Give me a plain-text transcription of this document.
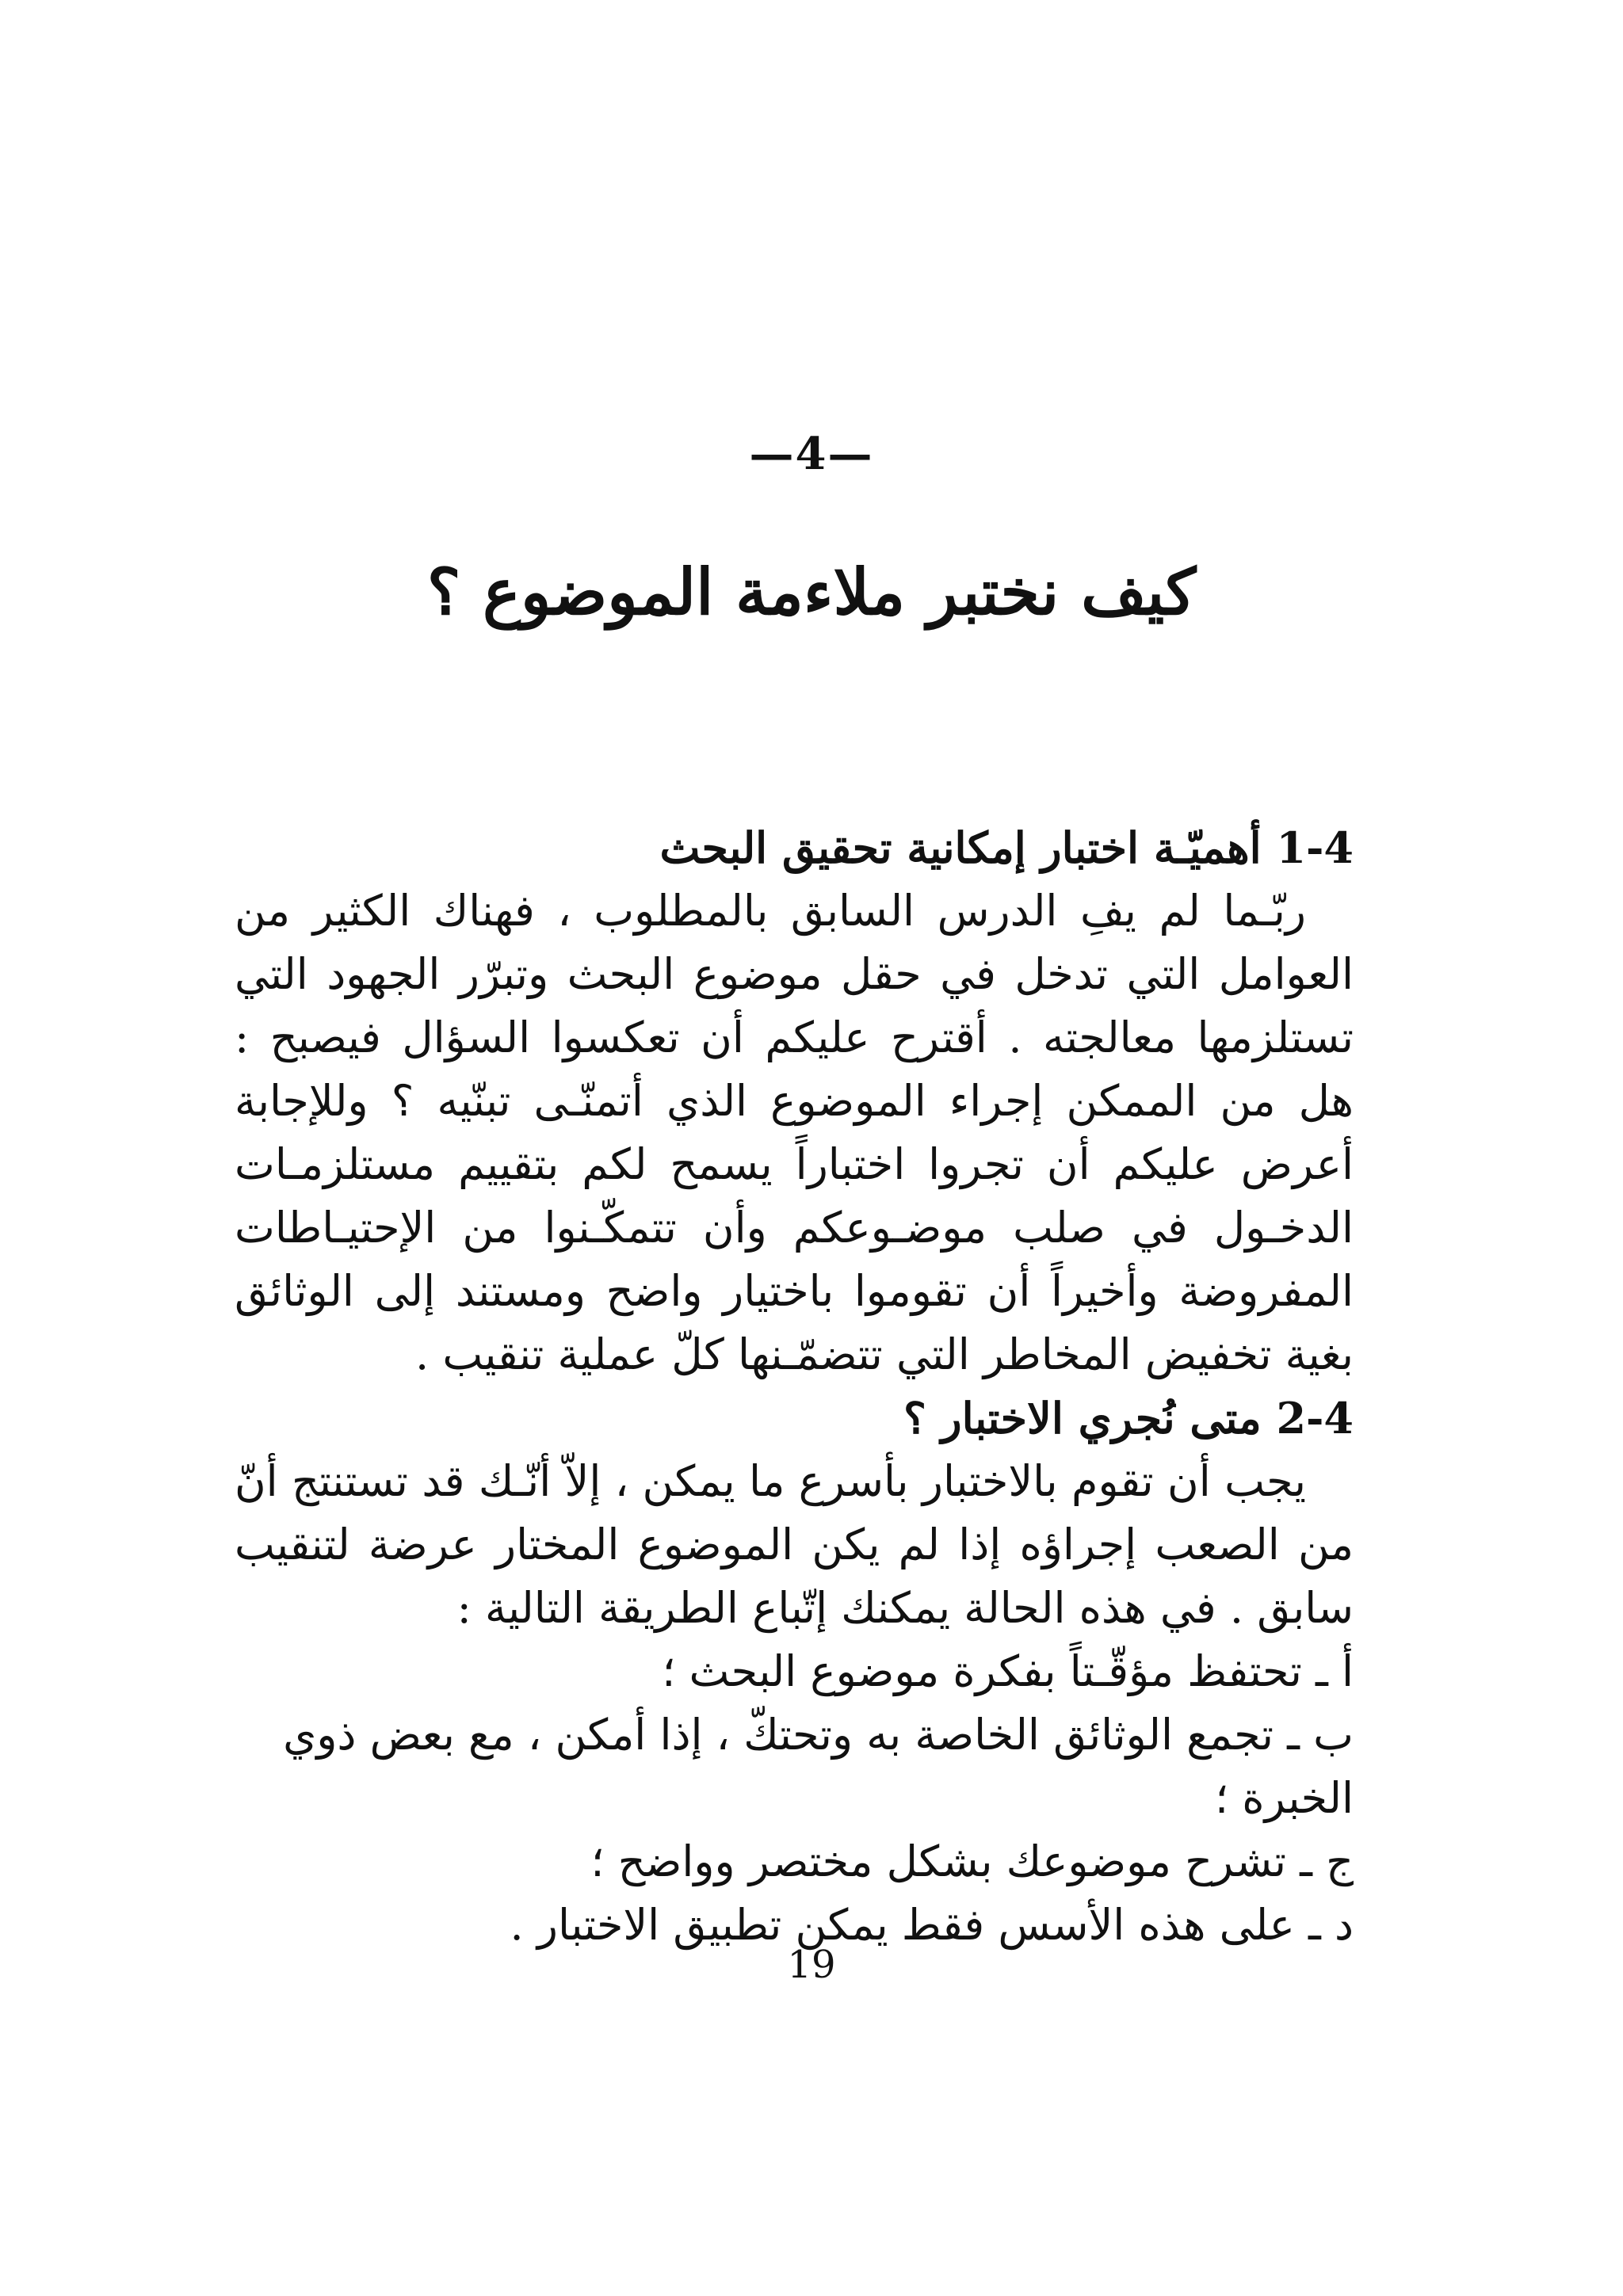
—4—
كيف نختبر ملاءمة الموضوع ؟

1-4 أهميّـة اختبار إمكانية تحقيق البحث

ربّـما لم يفِ الدرس السابق بالمطلوب ، فهناك الكثير من العوامل التي تدخل في حقل موضوع البحث وتبرّر الجهود التي تستلزمها معالجته . أقترح عليكم أن تعكسوا السؤال فيصبح : هل من الممكن إجراء الموضوع الذي أتمنّـى تبنّيه ؟ وللإجابة أعرض عليكم أن تجروا اختباراً يسمح لكم بتقييم مستلزمـات الدخـول في صلب موضـوعكم وأن تتمكّـنوا من الإحتيـاطات المفروضة وأخيراً أن تقوموا باختيار واضح ومستند إلى الوثائق بغية تخفيض المخاطر التي تتضمّـنها كلّ عملية تنقيب .

2-4 متى نُجري الاختبار ؟

يجب أن تقوم بالاختبار بأسرع ما يمكن ، إلاّ أنّـك قد تستنتج أنّ من الصعب إجراؤه إذا لم يكن الموضوع المختار عرضة لتنقيب سابق . في هذه الحالة يمكنك إتّباع الطريقة التالية :

أ ـ تحتفظ مؤقّـتاً بفكرة موضوع البحث ؛
ب ـ تجمع الوثائق الخاصة به وتحتكّ ، إذا أمكن ، مع بعض ذوي الخبرة ؛
ج ـ تشرح موضوعك بشكل مختصر وواضح ؛
د ـ على هذه الأسس فقط يمكن تطبيق الاختبار .
19
